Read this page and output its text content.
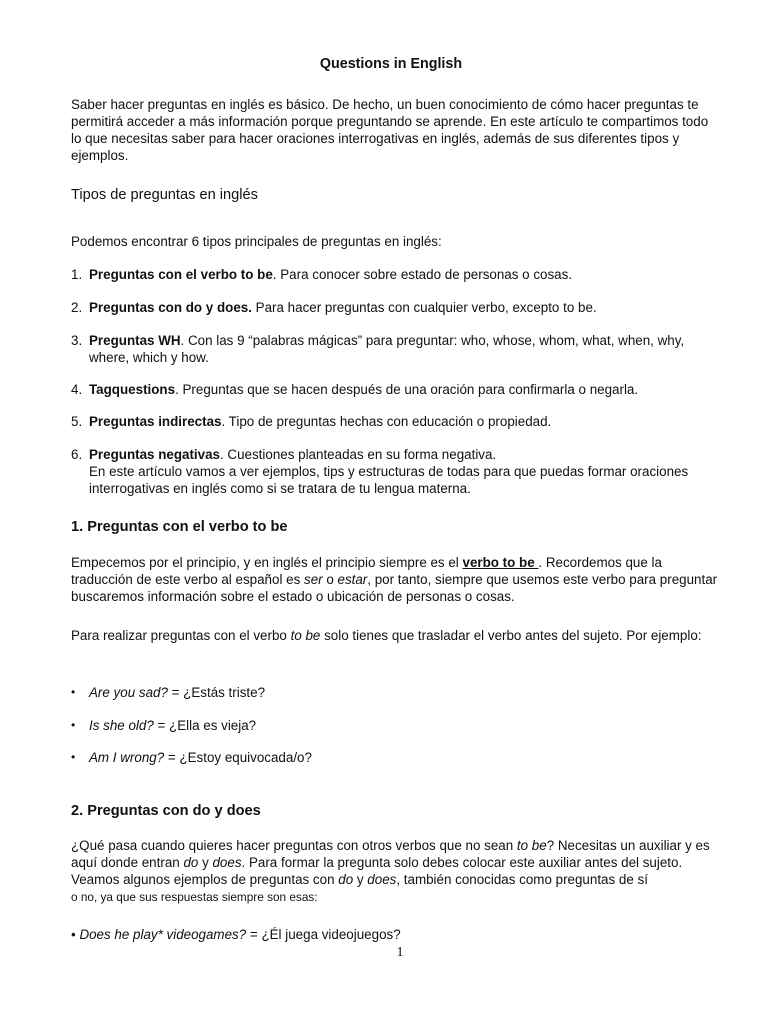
Questions in English

Saber hacer preguntas en inglés es básico. De hecho, un buen conocimiento de cómo hacer preguntas te permitirá acceder a más información porque preguntando se aprende. En este artículo te compartimos todo lo que necesitas saber para hacer oraciones interrogativas en inglés, además de sus diferentes tipos y ejemplos.

Tipos de preguntas en inglés

Podemos encontrar 6 tipos principales de preguntas en inglés:

1. Preguntas con el verbo to be. Para conocer sobre estado de personas o cosas.
2. Preguntas con do y does. Para hacer preguntas con cualquier verbo, excepto to be.
3. Preguntas WH. Con las 9 “palabras mágicas” para preguntar: who, whose, whom, what, when, why, where, which y how.
4. Tagquestions. Preguntas que se hacen después de una oración para confirmarla o negarla.
5. Preguntas indirectas. Tipo de preguntas hechas con educación o propiedad.
6. Preguntas negativas. Cuestiones planteadas en su forma negativa.
En este artículo vamos a ver ejemplos, tips y estructuras de todas para que puedas formar oraciones interrogativas en inglés como si se tratara de tu lengua materna.
1. Preguntas con el verbo to be

Empecemos por el principio, y en inglés el principio siempre es el verbo to be . Recordemos que la traducción de este verbo al español es ser o estar, por tanto, siempre que usemos este verbo para preguntar buscaremos información sobre el estado o ubicación de personas o cosas.

Para realizar preguntas con el verbo to be solo tienes que trasladar el verbo antes del sujeto. Por ejemplo:

• Are you sad? = ¿Estás triste?
• Is she old? = ¿Ella es vieja?
• Am I wrong? = ¿Estoy equivocada/o?
2. Preguntas con do y does

¿Qué pasa cuando quieres hacer preguntas con otros verbos que no sean to be? Necesitas un auxiliar y es aquí donde entran do y does. Para formar la pregunta solo debes colocar este auxiliar antes del sujeto. Veamos algunos ejemplos de preguntas con do y does, también conocidas como preguntas de sí
o no, ya que sus respuestas siempre son esas:

• Does he play* videogames? = ¿Él juega videojuegos?
1
